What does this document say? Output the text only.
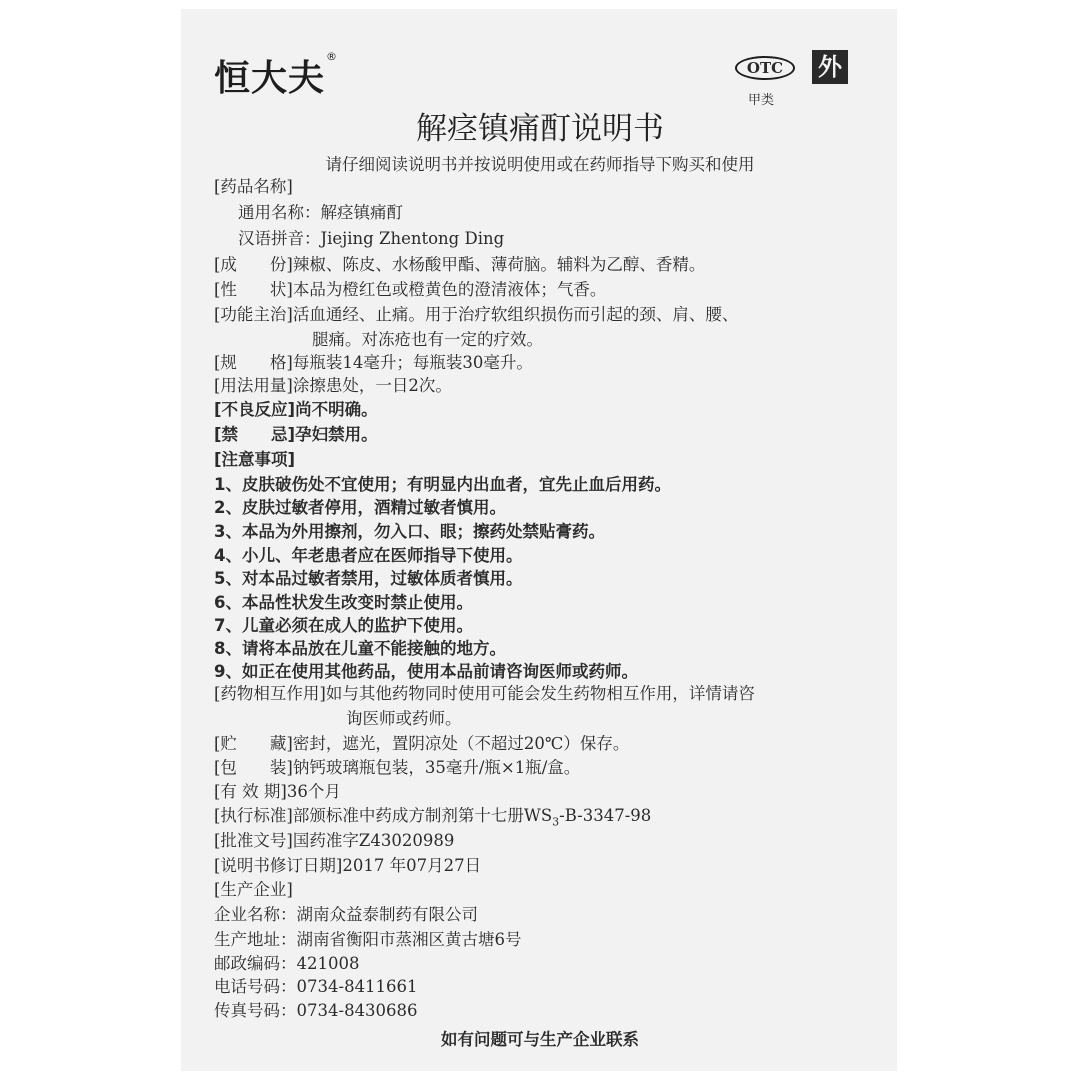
恒大夫®
OTC	外
甲类
解痉镇痛酊说明书
请仔细阅读说明书并按说明使用或在药师指导下购买和使用
[药品名称]
通用名称：解痉镇痛酊
汉语拼音：Jiejing Zhentong Ding
[成　　份]辣椒、陈皮、水杨酸甲酯、薄荷脑。辅料为乙醇、香精。
[性　　状]本品为橙红色或橙黄色的澄清液体；气香。
[功能主治]活血通经、止痛。用于治疗软组织损伤而引起的颈、肩、腰、
腿痛。对冻疮也有一定的疗效。
[规　　格]每瓶装14毫升；每瓶装30毫升。
[用法用量]涂擦患处，一日2次。
[不良反应]尚不明确。
[禁　　忌]孕妇禁用。
[注意事项]
1、皮肤破伤处不宜使用；有明显内出血者，宜先止血后用药。
2、皮肤过敏者停用，酒精过敏者慎用。
3、本品为外用擦剂，勿入口、眼；擦药处禁贴膏药。
4、小儿、年老患者应在医师指导下使用。
5、对本品过敏者禁用，过敏体质者慎用。
6、本品性状发生改变时禁止使用。
7、儿童必须在成人的监护下使用。
8、请将本品放在儿童不能接触的地方。
9、如正在使用其他药品，使用本品前请咨询医师或药师。
[药物相互作用]如与其他药物同时使用可能会发生药物相互作用，详情请咨
询医师或药师。
[贮　　藏]密封，遮光，置阴凉处（不超过20℃）保存。
[包　　装]钠钙玻璃瓶包装，35毫升/瓶×1瓶/盒。
[有 效 期]36个月
[执行标准]部颁标准中药成方制剂第十七册$WS_3-B-3347-98$
[批准文号]国药准字Z43020989
[说明书修订日期]2017 年07月27日
[生产企业]
企业名称：湖南众益泰制药有限公司
生产地址：湖南省衡阳市蒸湘区黄古塘6号
邮政编码：421008
电话号码：0734-8411661
传真号码：0734-8430686
如有问题可与生产企业联系
